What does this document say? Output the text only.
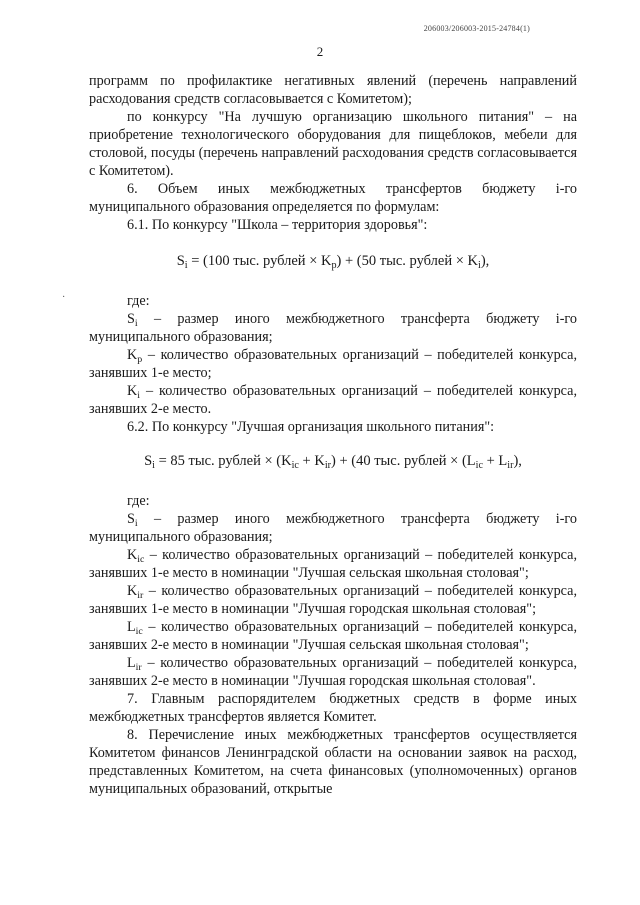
206003/206003-2015-24784(1)
2
·

программ по профилактике негативных явлений (перечень направлений расходования средств согласовывается с Комитетом);

по конкурсу "На лучшую организацию школьного питания" – на приобретение технологического оборудования для пищеблоков, мебели для столовой, посуды (перечень направлений расходования средств согласовывается с Комитетом).

6. Объем иных межбюджетных трансфертов бюджету i-го муниципального образования определяется по формулам:

6.1. По конкурсу "Школа – территория здоровья":

$S_i = (100$ тыс. рублей × $K_p) + (50$ тыс. рублей × $K_i$),

где:

$S_i$ – размер иного межбюджетного трансферта бюджету i-го муниципального образования;

$K_p$ – количество образовательных организаций – победителей конкурса, занявших 1-е место;

$K_i$ – количество образовательных организаций – победителей конкурса, занявших 2-е место.

6.2. По конкурсу "Лучшая организация школьного питания":

$S_i = 85$ тыс. рублей × $(K_{ic} + K_{ir}) + (40$ тыс. рублей × $(L_{ic} + L_{ir})$,

где:

$S_i$ – размер иного межбюджетного трансферта бюджету i-го муниципального образования;

$K_{ic}$ – количество образовательных организаций – победителей конкурса, занявших 1-е место в номинации "Лучшая сельская школьная столовая";

$K_{ir}$ – количество образовательных организаций – победителей конкурса, занявших 1-е место в номинации "Лучшая городская школьная столовая";

$L_{ic}$ – количество образовательных организаций – победителей конкурса, занявших 2-е место в номинации "Лучшая сельская школьная столовая";

$L_{ir}$ – количество образовательных организаций – победителей конкурса, занявших 2-е место в номинации "Лучшая городская школьная столовая".

7. Главным распорядителем бюджетных средств в форме иных межбюджетных трансфертов является Комитет.

8. Перечисление иных межбюджетных трансфертов осуществляется Комитетом финансов Ленинградской области на основании заявок на расход, представленных Комитетом, на счета финансовых (уполномоченных) органов муниципальных образований, открытые
